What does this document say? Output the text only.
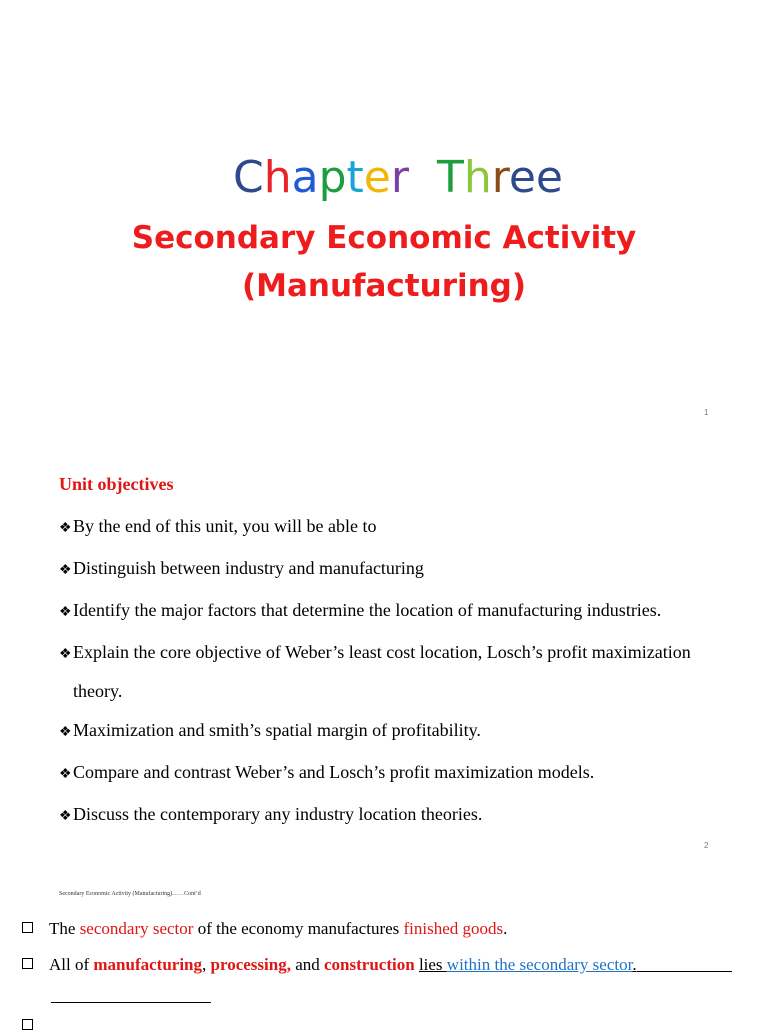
Chapter Three

Secondary Economic Activity
(Manufacturing)
1
Unit objectives
❖By the end of this unit, you will be able to
❖Distinguish between industry and manufacturing
❖Identify the major factors that determine the location of manufacturing industries.
❖Explain the core objective of Weber’s least cost location, Losch’s profit maximization
theory.
❖Maximization and smith’s spatial margin of profitability.
❖Compare and contrast Weber’s and Losch’s profit maximization models.
❖Discuss the contemporary any industry location theories.
2
Secondary Economic Activity (Manufacturing)……Cont’d
The secondary sector of the economy manufactures finished goods.
All of manufacturing, processing, and construction lies within the secondary sector.
